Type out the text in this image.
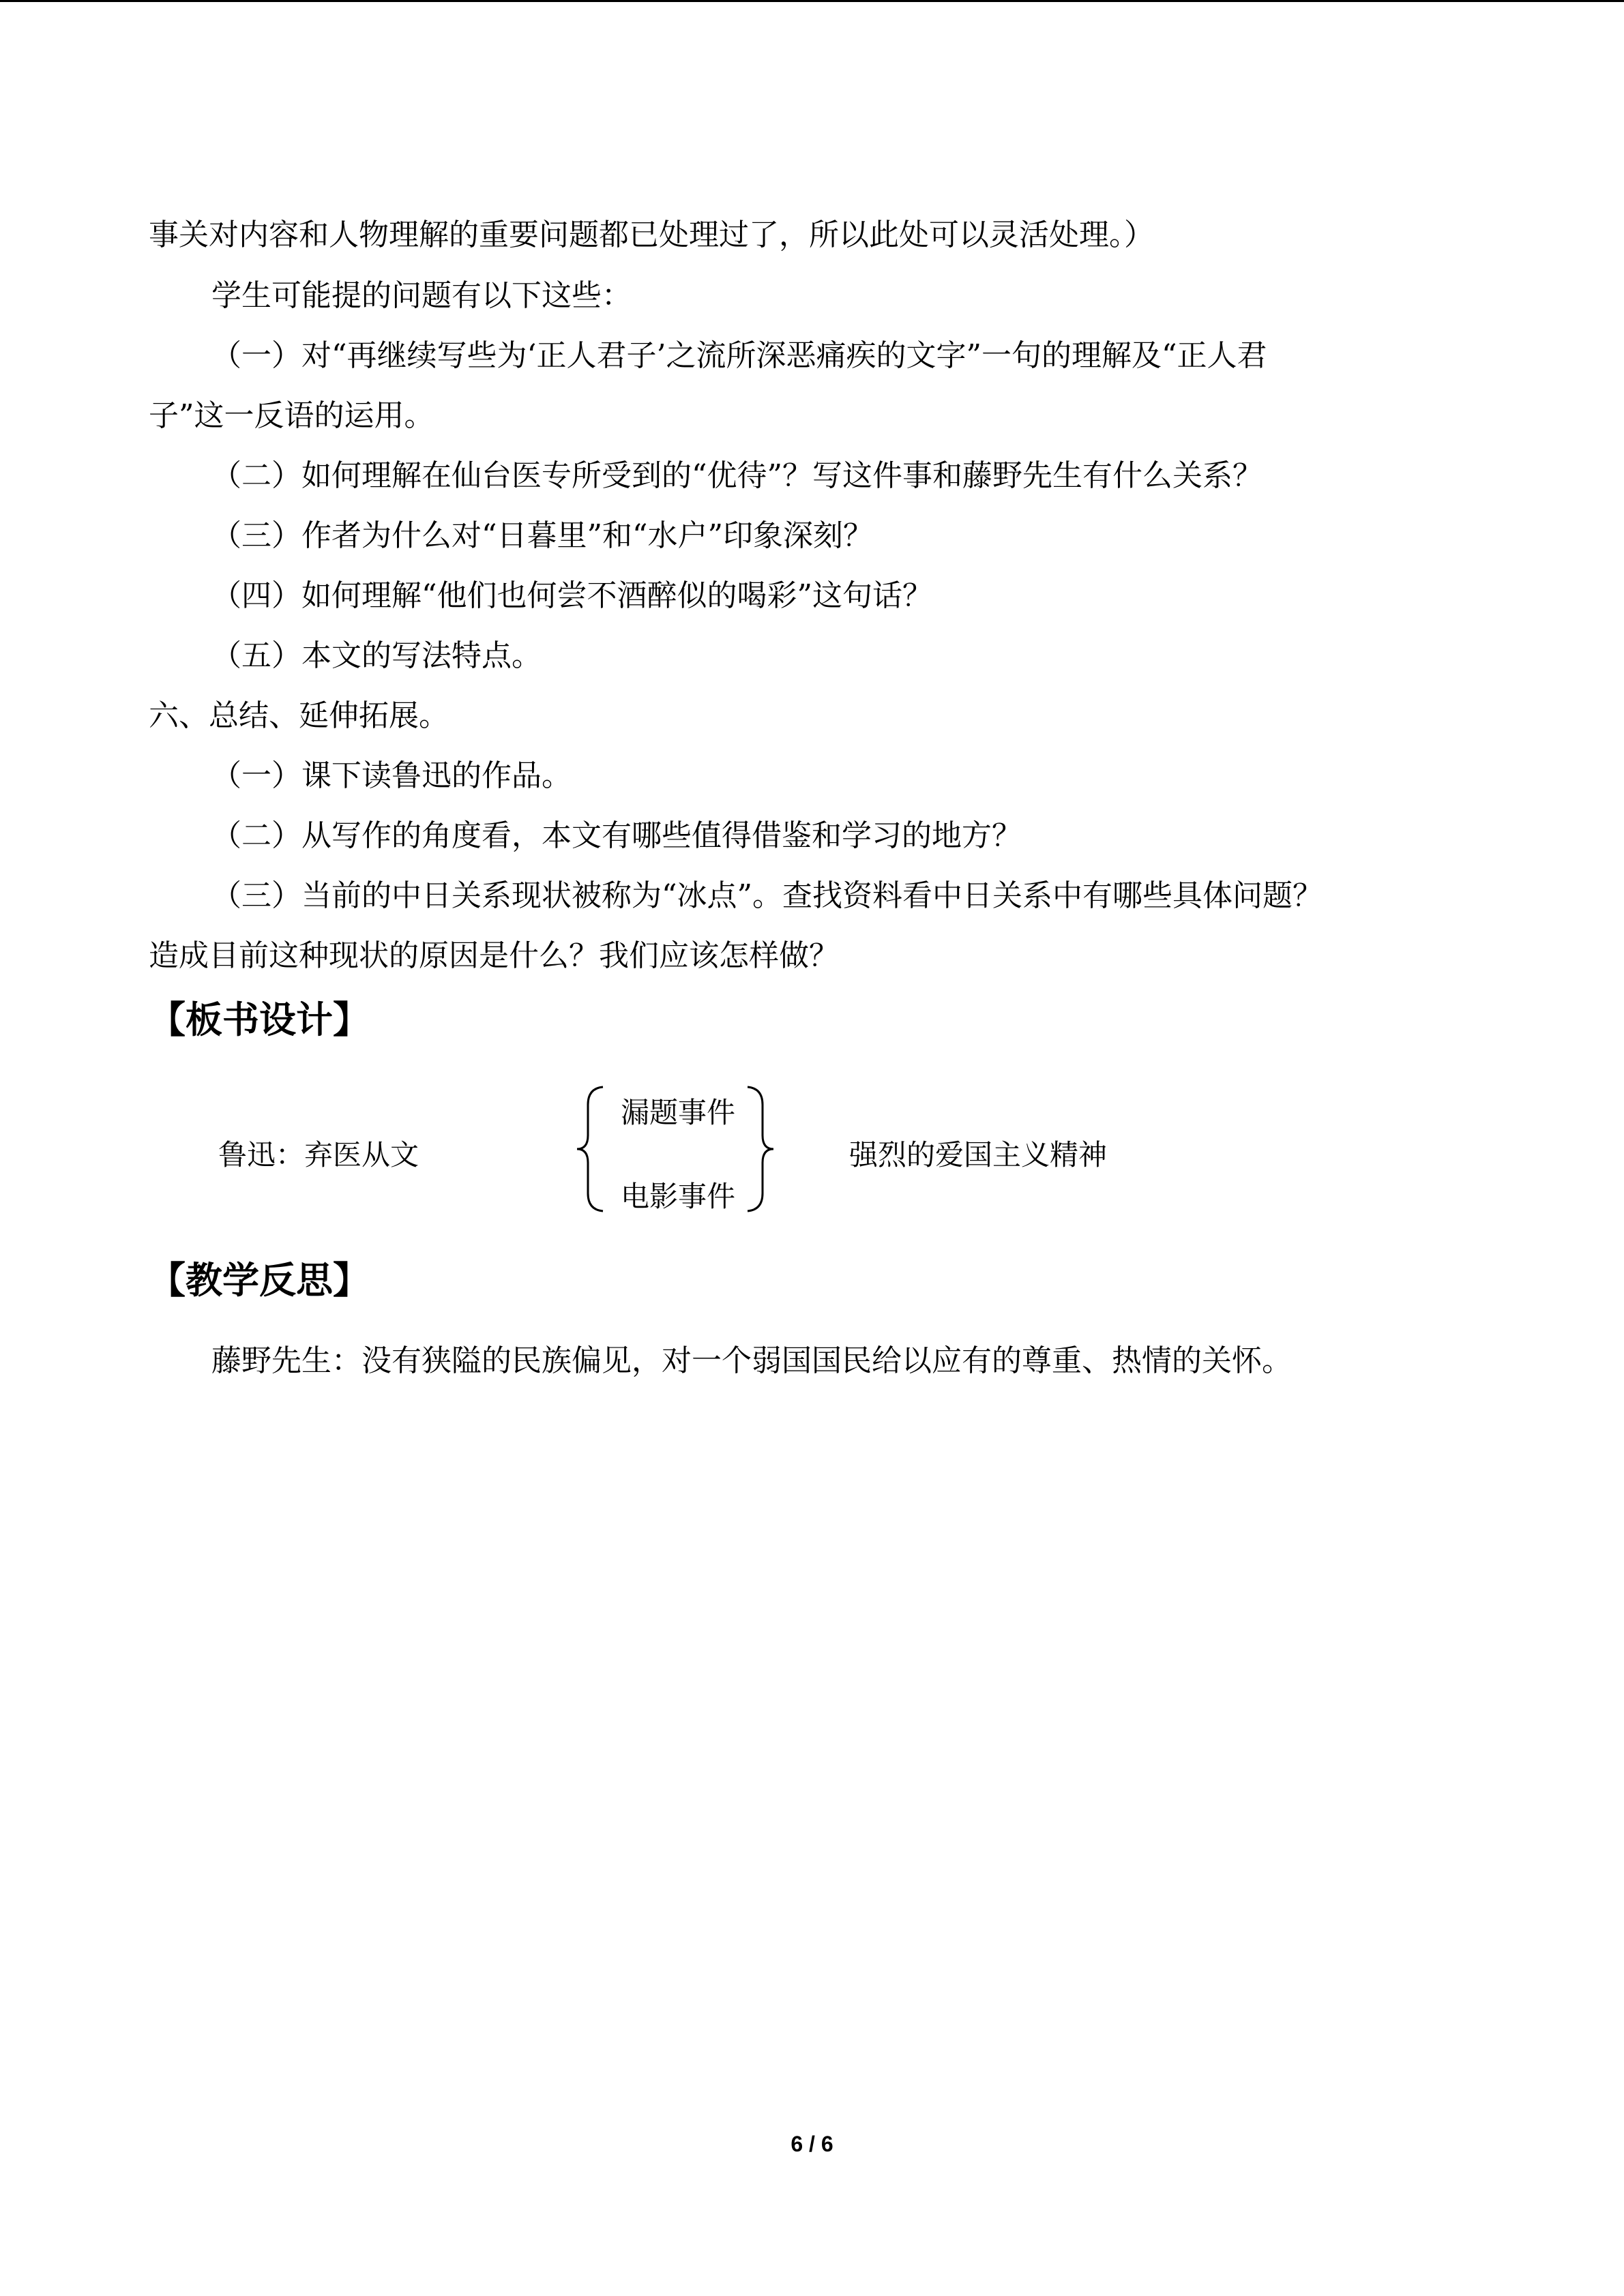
事关对内容和人物理解的重要问题都已处理过了，所以此处可以灵活处理。）
学生可能提的问题有以下这些：
（一）对“再继续写些为‘正人君子’之流所深恶痛疾的文字”一句的理解及“正人君
子”这一反语的运用。
（二）如何理解在仙台医专所受到的“优待”？写这件事和藤野先生有什么关系？
（三）作者为什么对“日暮里”和“水户”印象深刻？
（四）如何理解“他们也何尝不酒醉似的喝彩”这句话？
（五）本文的写法特点。
六、总结、延伸拓展。
（一）课下读鲁迅的作品。
（二）从写作的角度看，本文有哪些值得借鉴和学习的地方？
（三）当前的中日关系现状被称为“冰点”。查找资料看中日关系中有哪些具体问题？
造成目前这种现状的原因是什么？我们应该怎样做？
【板书设计】
鲁迅：弃医从文
漏题事件
电影事件
强烈的爱国主义精神
【教学反思】
藤野先生：没有狭隘的民族偏见，对一个弱国国民给以应有的尊重、热情的关怀。
6 / 6
